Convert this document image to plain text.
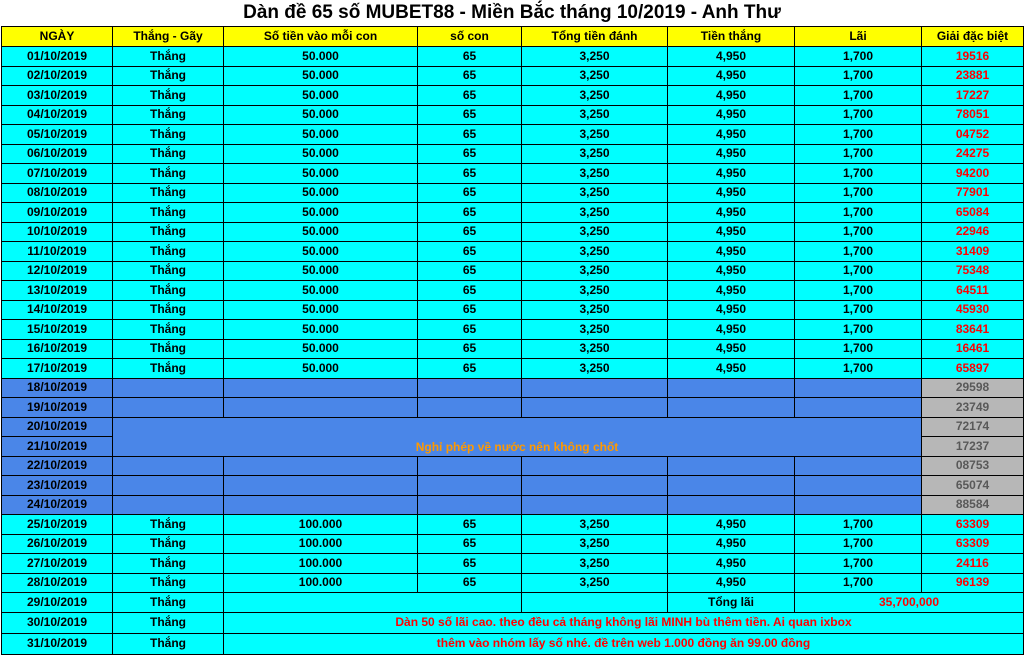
Dàn đề 65 số MUBET88 - Miền Bắc tháng 10/2019 - Anh Thư
NGÀY	Thắng - Gãy	Số tiền vào mỗi con	số con	Tổng tiền đánh	Tiền thắng	Lãi	Giải đặc biệt
01/10/2019	Thắng	50.000	65	3,250	4,950	1,700	19516
02/10/2019	Thắng	50.000	65	3,250	4,950	1,700	23881
03/10/2019	Thắng	50.000	65	3,250	4,950	1,700	17227
04/10/2019	Thắng	50.000	65	3,250	4,950	1,700	78051
05/10/2019	Thắng	50.000	65	3,250	4,950	1,700	04752
06/10/2019	Thắng	50.000	65	3,250	4,950	1,700	24275
07/10/2019	Thắng	50.000	65	3,250	4,950	1,700	94200
08/10/2019	Thắng	50.000	65	3,250	4,950	1,700	77901
09/10/2019	Thắng	50.000	65	3,250	4,950	1,700	65084
10/10/2019	Thắng	50.000	65	3,250	4,950	1,700	22946
11/10/2019	Thắng	50.000	65	3,250	4,950	1,700	31409
12/10/2019	Thắng	50.000	65	3,250	4,950	1,700	75348
13/10/2019	Thắng	50.000	65	3,250	4,950	1,700	64511
14/10/2019	Thắng	50.000	65	3,250	4,950	1,700	45930
15/10/2019	Thắng	50.000	65	3,250	4,950	1,700	83641
16/10/2019	Thắng	50.000	65	3,250	4,950	1,700	16461
17/10/2019	Thắng	50.000	65	3,250	4,950	1,700	65897
18/10/2019							29598
19/10/2019							23749
20/10/2019	Nghỉ phép về nước nên không chốt						72174
21/10/2019							17237
22/10/2019							08753
23/10/2019							65074
24/10/2019							88584
25/10/2019	Thắng	100.000	65	3,250	4,950	1,700	63309
26/10/2019	Thắng	100.000	65	3,250	4,950	1,700	63309
27/10/2019	Thắng	100.000	65	3,250	4,950	1,700	24116
28/10/2019	Thắng	100.000	65	3,250	4,950	1,700	96139
29/10/2019	Thắng				Tổng lãi	35,700,000	
30/10/2019	Thắng	Dàn 50 số lãi cao. theo đều cả tháng không lãi MINH bù thêm tiền. Ai quan ixbox					
31/10/2019	Thắng	thêm vào nhóm lấy số nhé. đề trên web 1.000 đồng ăn 99.00 đồng					
